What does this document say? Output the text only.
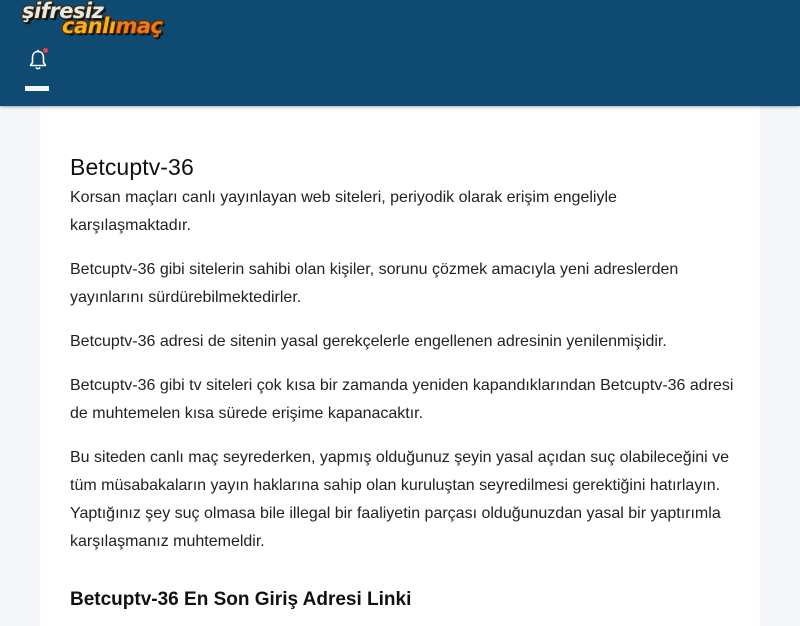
şifresiz
canlımaç
Betcuptv-36

Korsan maçları canlı yayınlayan web siteleri, periyodik olarak erişim engeliyle karşılaşmaktadır.

Betcuptv-36 gibi sitelerin sahibi olan kişiler, sorunu çözmek amacıyla yeni adreslerden yayınlarını sürdürebilmektedirler.

Betcuptv-36 adresi de sitenin yasal gerekçelerle engellenen adresinin yenilenmişidir.

Betcuptv-36 gibi tv siteleri çok kısa bir zamanda yeniden kapandıklarından Betcuptv-36 adresi de muhtemelen kısa sürede erişime kapanacaktır.

Bu siteden canlı maç seyrederken, yapmış olduğunuz şeyin yasal açıdan suç olabileceğini ve tüm müsabakaların yayın haklarına sahip olan kuruluştan seyredilmesi gerektiğini hatırlayın. Yaptığınız şey suç olmasa bile illegal bir faaliyetin parçası olduğunuzdan yasal bir yaptırımla karşılaşmanız muhtemeldir.

Betcuptv-36 En Son Giriş Adresi Linki
